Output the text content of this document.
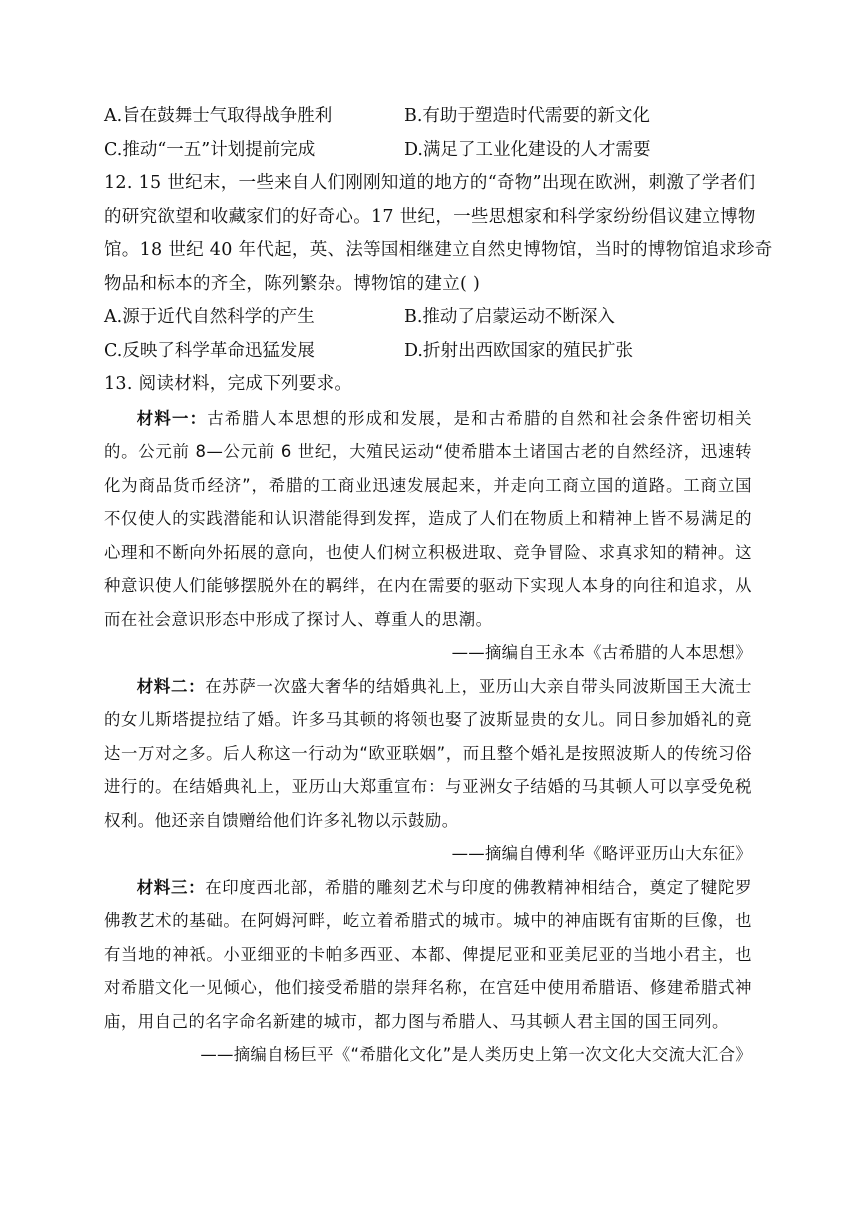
A.旨在鼓舞士气取得战争胜利	B.有助于塑造时代需要的新文化
C.推动“一五”计划提前完成	D.满足了工业化建设的人才需要
12. 15 世纪末，一些来自人们刚刚知道的地方的“奇物”出现在欧洲，刺激了学者们
的研究欲望和收藏家们的好奇心。17 世纪，一些思想家和科学家纷纷倡议建立博物
馆。18 世纪 40 年代起，英、法等国相继建立自然史博物馆，当时的博物馆追求珍奇
物品和标本的齐全，陈列繁杂。博物馆的建立( )
A.源于近代自然科学的产生	B.推动了启蒙运动不断深入
C.反映了科学革命迅猛发展	D.折射出西欧国家的殖民扩张
13. 阅读材料，完成下列要求。

材料一：古希腊人本思想的形成和发展，是和古希腊的自然和社会条件密切相关的。公元前 8—公元前 6 世纪，大殖民运动“使希腊本土诸国古老的自然经济，迅速转化为商品货币经济”，希腊的工商业迅速发展起来，并走向工商立国的道路。工商立国不仅使人的实践潜能和认识潜能得到发挥，造成了人们在物质上和精神上皆不易满足的心理和不断向外拓展的意向，也使人们树立积极进取、竞争冒险、求真求知的精神。这种意识使人们能够摆脱外在的羁绊，在内在需要的驱动下实现人本身的向往和追求，从而在社会意识形态中形成了探讨人、尊重人的思潮。

——摘编自王永本《古希腊的人本思想》

材料二：在苏萨一次盛大奢华的结婚典礼上，亚历山大亲自带头同波斯国王大流士的女儿斯塔提拉结了婚。许多马其顿的将领也娶了波斯显贵的女儿。同日参加婚礼的竟达一万对之多。后人称这一行动为“欧亚联姻”，而且整个婚礼是按照波斯人的传统习俗进行的。在结婚典礼上，亚历山大郑重宣布：与亚洲女子结婚的马其顿人可以享受免税权利。他还亲自馈赠给他们许多礼物以示鼓励。

——摘编自傅利华《略评亚历山大东征》

材料三：在印度西北部，希腊的雕刻艺术与印度的佛教精神相结合，奠定了犍陀罗佛教艺术的基础。在阿姆河畔，屹立着希腊式的城市。城中的神庙既有宙斯的巨像，也有当地的神祇。小亚细亚的卡帕多西亚、本都、俾提尼亚和亚美尼亚的当地小君主，也对希腊文化一见倾心，他们接受希腊的崇拜名称，在宫廷中使用希腊语、修建希腊式神庙，用自己的名字命名新建的城市，都力图与希腊人、马其顿人君主国的国王同列。

——摘编自杨巨平《“希腊化文化”是人类历史上第一次文化大交流大汇合》
